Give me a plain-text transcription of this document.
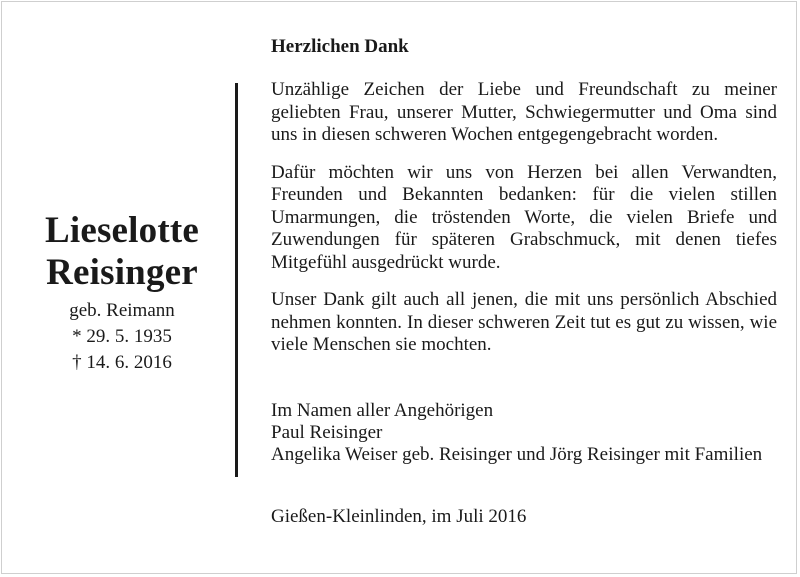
Lieselotte
Reisinger
geb. Reimann
* 29. 5. 1935
† 14. 6. 2016

Herzlichen Dank

Unzählige Zeichen der Liebe und Freundschaft zu meiner geliebten Frau, unserer Mutter, Schwiegermutter und Oma sind uns in diesen schweren Wochen entgegengebracht worden.

Dafür möchten wir uns von Herzen bei allen Verwandten, Freunden und Bekannten bedanken: für die vielen stillen Umarmungen, die tröstenden Worte, die vielen Briefe und Zuwendungen für späteren Grabschmuck, mit denen tiefes Mitgefühl ausgedrückt wurde.

Unser Dank gilt auch all jenen, die mit uns persönlich Abschied nehmen konnten. In dieser schweren Zeit tut es gut zu wissen, wie viele Menschen sie mochten.

Im Namen aller Angehörigen
Paul Reisinger
Angelika Weiser geb. Reisinger und Jörg Reisinger mit Familien
Gießen-Kleinlinden, im Juli 2016
